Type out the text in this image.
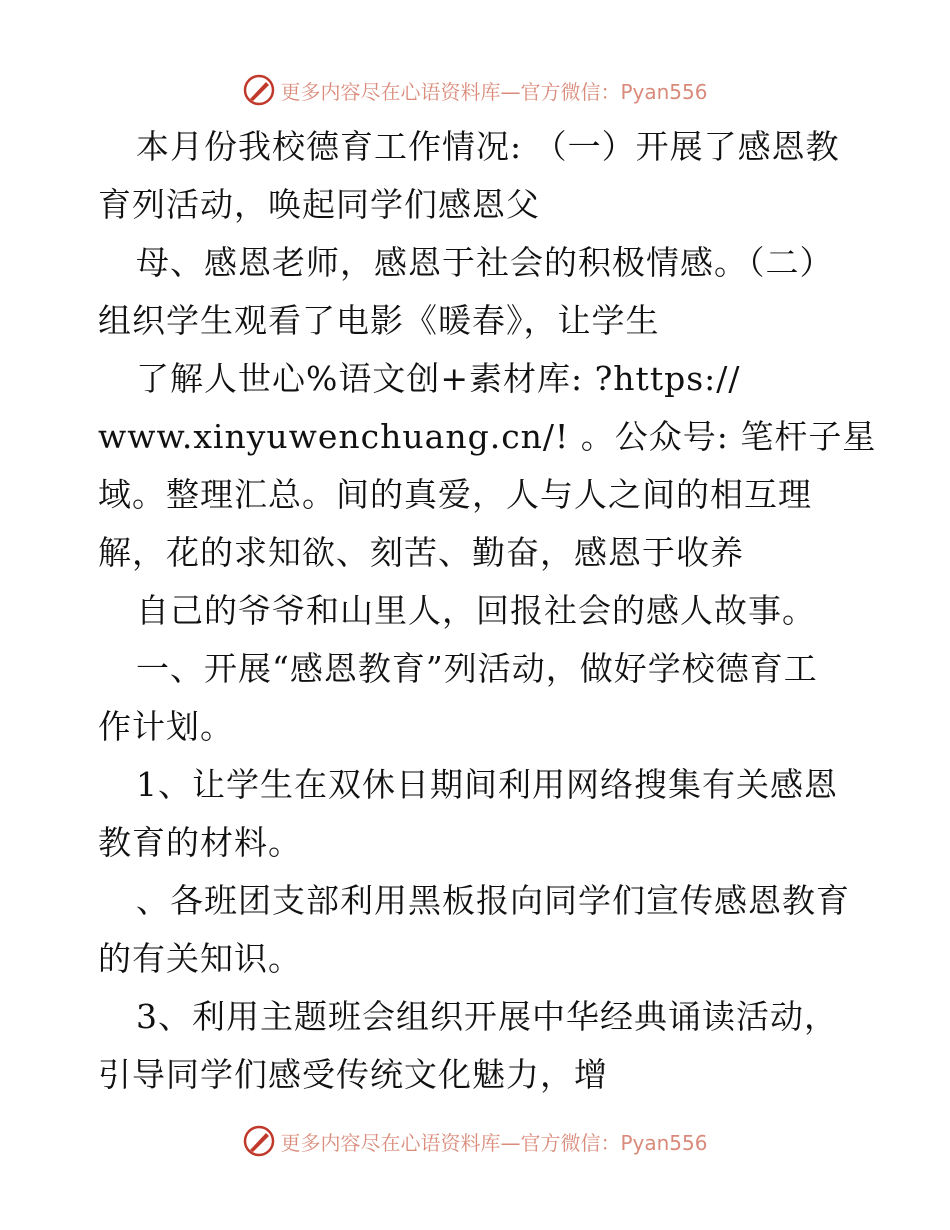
更多内容尽在心语资料库—官方微信：Pyan556
本月份我校德育工作情况: （一）开展了感恩教
育列活动，唤起同学们感恩父
母、感恩老师，感恩于社会的积极情感。（二）
组织学生观看了电影《暖春》，让学生
了解人世心%语文创+素材库: ?https://
www.xinyuwenchuang.cn/! 。公众号: 笔杆子星
域。整理汇总。间的真爱，人与人之间的相互理
解，花的求知欲、刻苦、勤奋，感恩于收养
自己的爷爷和山里人，回报社会的感人故事。
一、开展“感恩教育”列活动，做好学校德育工
作计划。
1、让学生在双休日期间利用网络搜集有关感恩
教育的材料。
、各班团支部利用黑板报向同学们宣传感恩教育
的有关知识。
3、利用主题班会组织开展中华经典诵读活动，
引导同学们感受传统文化魅力，增
更多内容尽在心语资料库—官方微信：Pyan556
